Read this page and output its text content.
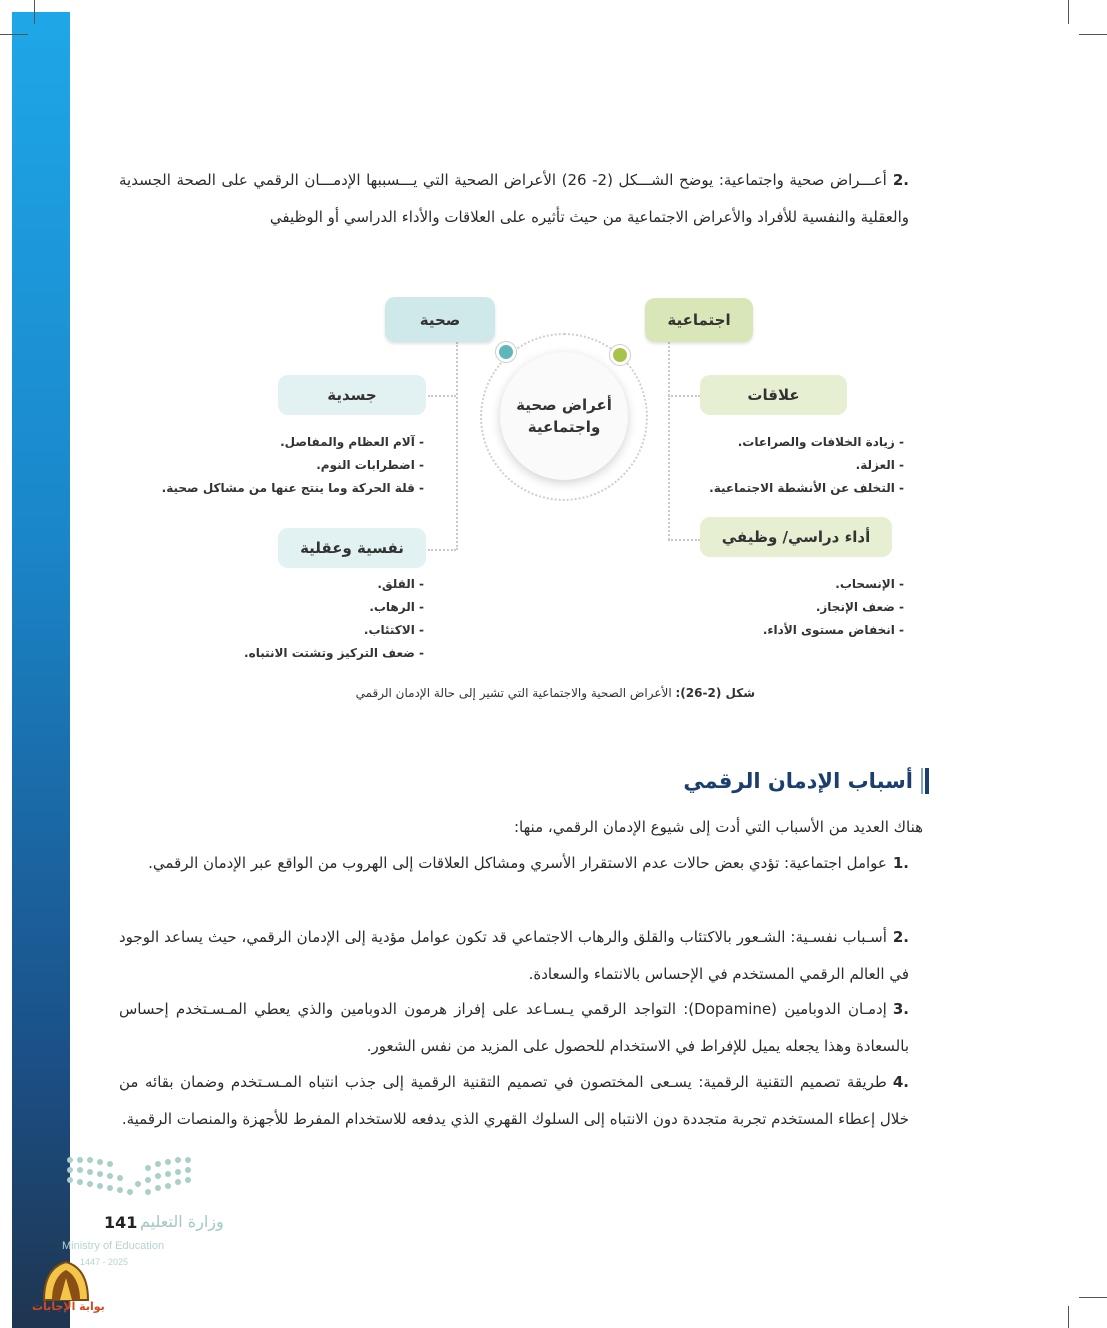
.2أعـــراض صحية واجتماعية: يوضح الشـــكل (2- 26) الأعراض الصحية التي يـــسببها الإدمـــان الرقمي على الصحة الجسدية والعقلية والنفسية للأفراد والأعراض الاجتماعية من حيث تأثيره على العلاقات والأداء الدراسي أو الوظيفي

أعراض صحية واجتماعية
صحية
جسدية
- آلام العظام والمفاصل.
- اضطرابات النوم.
- قلة الحركة وما ينتج عنها من مشاكل صحية.
نفسية وعقلية
- القلق.
- الرهاب.
- الاكتئاب.
- ضعف التركيز وتشتت الانتباه.
اجتماعية
علاقات
- زيادة الخلافات والصراعات.
- العزلة.
- التخلف عن الأنشطة الاجتماعية.
أداء دراسي/ وظيفي
- الإنسحاب.
- ضعف الإنجاز.
- انخفاض مستوى الأداء.
شكل (2-26): الأعراض الصحية والاجتماعية التي تشير إلى حالة الإدمان الرقمي
أسباب الإدمان الرقمي

هناك العديد من الأسباب التي أدت إلى شيوع الإدمان الرقمي، منها:

.1عوامل اجتماعية: تؤدي بعض حالات عدم الاستقرار الأسري ومشاكل العلاقات إلى الهروب من الواقع عبر الإدمان الرقمي.

.2أسـباب نفسـية: الشـعور بالاكتئاب والقلق والرهاب الاجتماعي قد تكون عوامل مؤدية إلى الإدمان الرقمي، حيث يساعد الوجود في العالم الرقمي المستخدم في الإحساس بالانتماء والسعادة.

.3إدمـان الدوبامين (Dopamine): التواجد الرقمي يـسـاعد على إفراز هرمون الدوبامين والذي يعطي المـسـتخدم إحساس بالسعادة وهذا يجعله يميل للإفراط في الاستخدام للحصول على المزيد من نفس الشعور.

.4طريقة تصميم التقنية الرقمية: يسـعى المختصون في تصميم التقنية الرقمية إلى جذب انتباه المـسـتخدم وضمان بقائه من خلال إعطاء المستخدم تجربة متجددة دون الانتباه إلى السلوك القهري الذي يدفعه للاستخدام المفرط للأجهزة والمنصات الرقمية.

وزارة التعليم
141
Ministry of Education
2025 - 1447
بوابة الإجابات
